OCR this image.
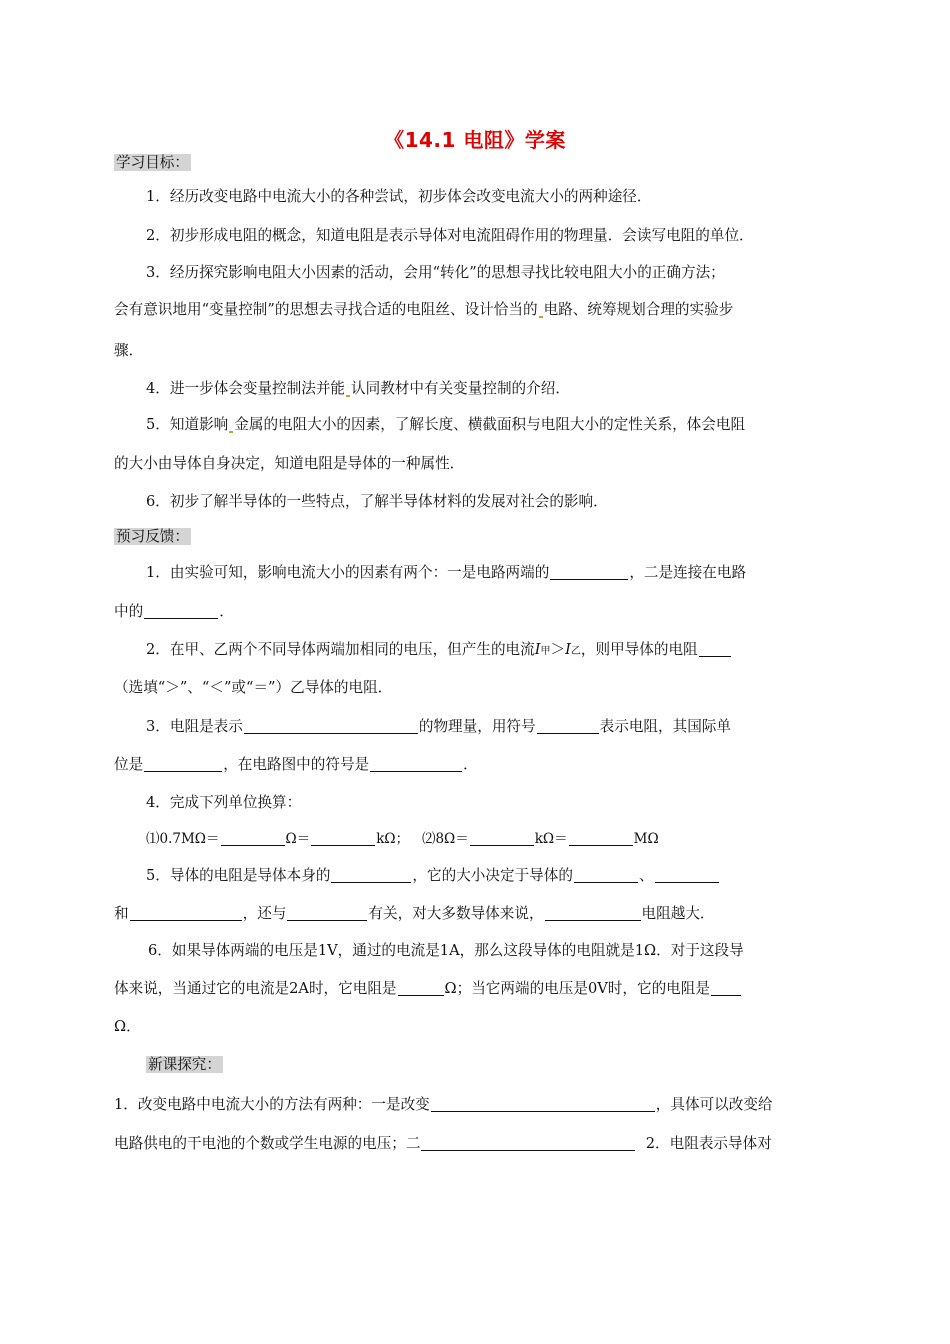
《14.1 电阻》学案
学习目标：
1．经历改变电路中电流大小的各种尝试，初步体会改变电流大小的两种途径．
2．初步形成电阻的概念，知道电阻是表示导体对电流阻碍作用的物理量．会读写电阻的单位．
3．经历探究影响电阻大小因素的活动，会用“转化”的思想寻找比较电阻大小的正确方法；
会有意识地用“变量控制”的思想去寻找合适的电阻丝、设计恰当的 电路、统筹规划合理的实验步
骤．
4．进一步体会变量控制法并能 认同教材中有关变量控制的介绍．
5．知道影响 金属的电阻大小的因素，了解长度、横截面积与电阻大小的定性关系，体会电阻
的大小由导体自身决定，知道电阻是导体的一种属性．
6．初步了解半导体的一些特点，了解半导体材料的发展对社会的影响．
预习反馈：
1．由实验可知，影响电流大小的因素有两个：一是电路两端的	，二是连接在电路
中的	．
2．在甲、乙两个不同导体两端加相同的电压，但产生的电流I甲＞I乙，则甲导体的电阻
（选填“＞”、“＜”或“＝”）乙导体的电阻．
3．电阻是表示	的物理量，用符号	表示电阻，其国际单
位是	，在电路图中的符号是	．
4．完成下列单位换算：
⑴0.7MΩ＝	Ω＝	kΩ； ⑵8Ω＝	kΩ＝	MΩ
5．导体的电阻是导体本身的	，它的大小决定于导体的	、
和	，还与	有关，对大多数导体来说，	电阻越大．
6．如果导体两端的电压是1V，通过的电流是1A，那么这段导体的电阻就是1Ω．对于这段导
体来说，当通过它的电流是2A时，它电阻是	Ω；当它两端的电压是0V时，它的电阻是
Ω．
新课探究：
1．改变电路中电流大小的方法有两种：一是改变	，具体可以改变给
电路供电的干电池的个数或学生电源的电压；二	2．电阻表示导体对
